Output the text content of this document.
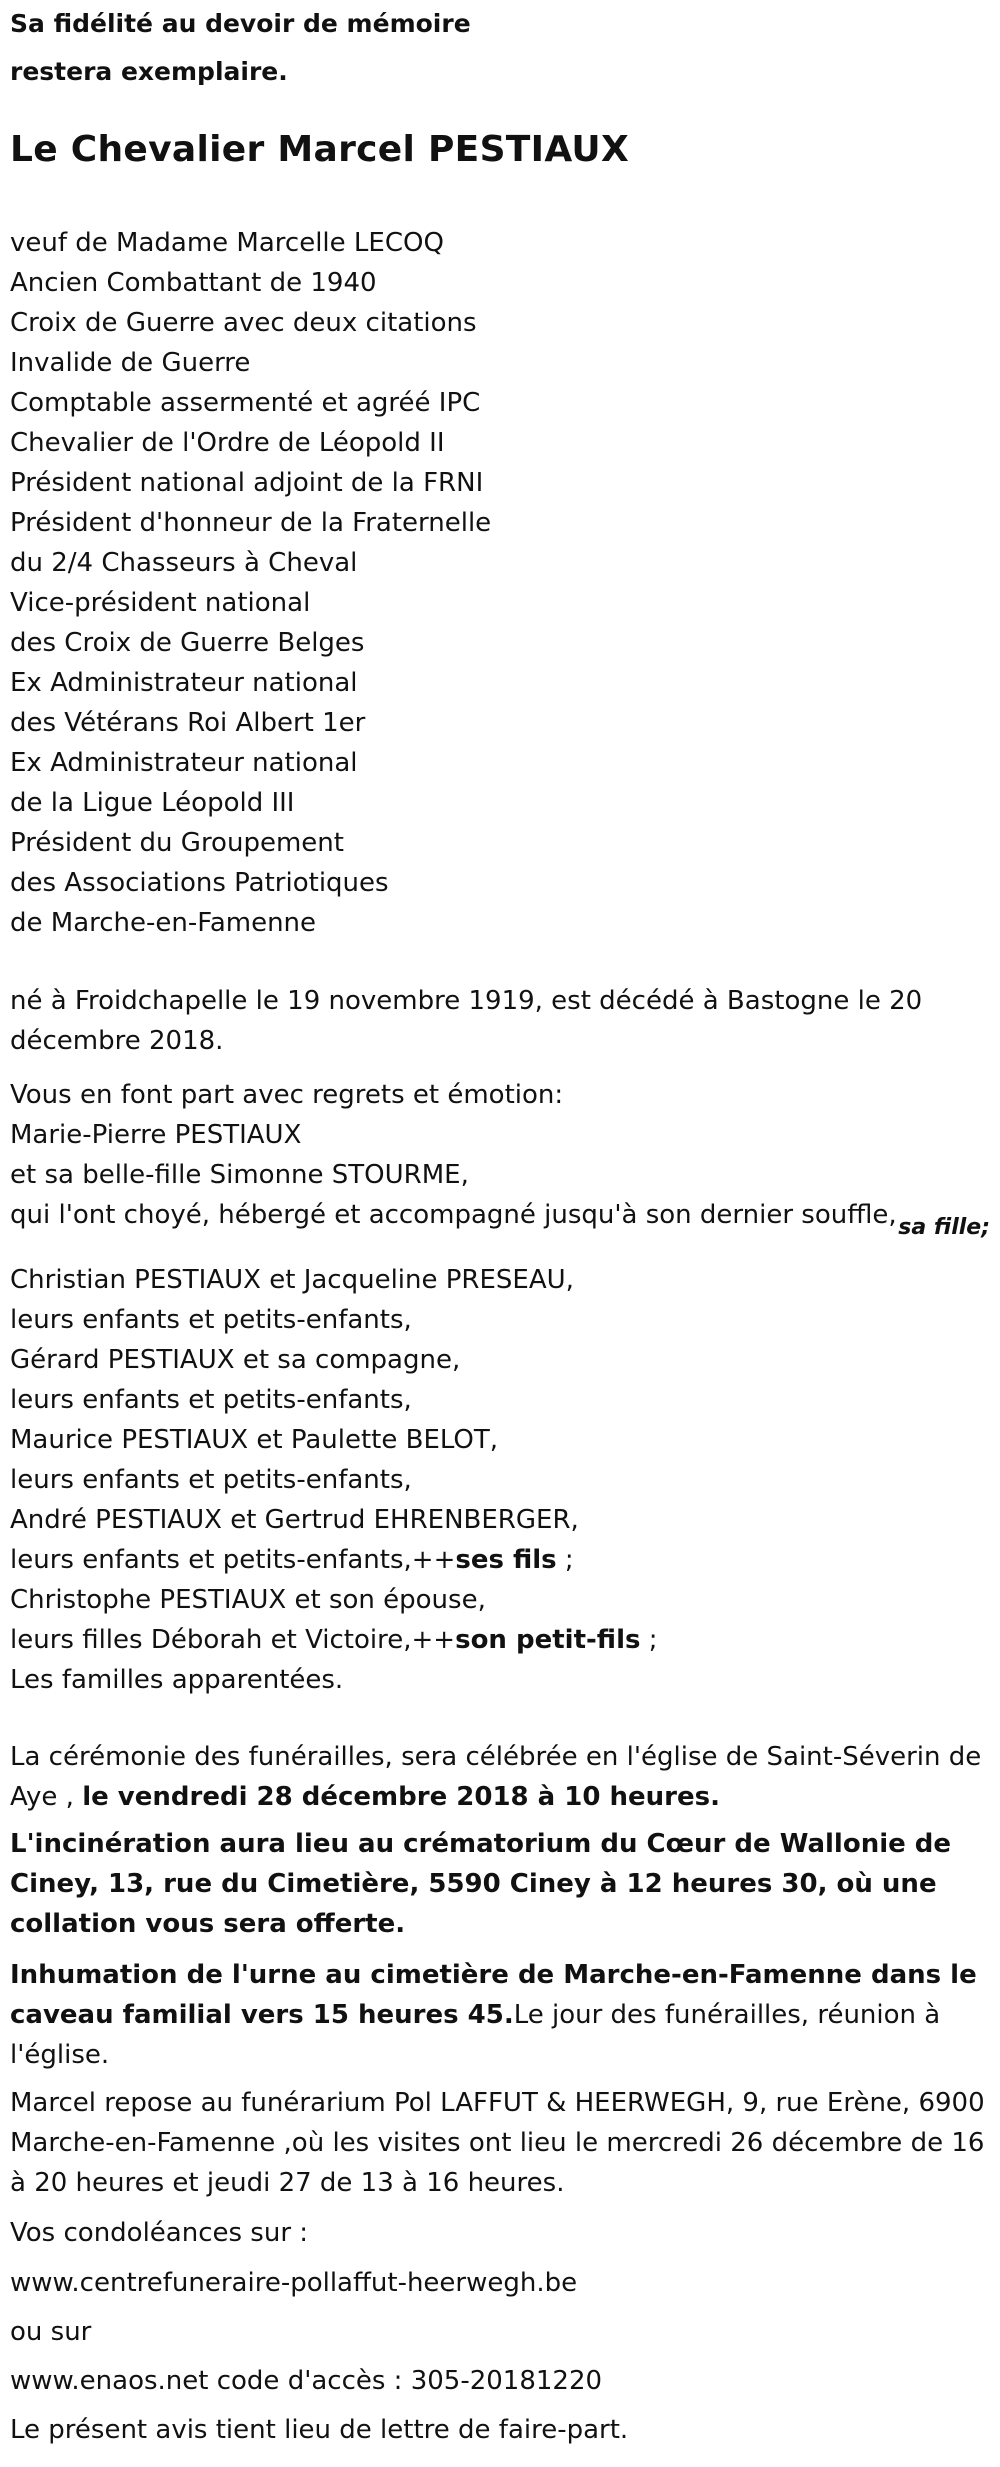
Sa fidélité au devoir de mémoire
restera exemplaire.
Le Chevalier Marcel PESTIAUX
veuf de Madame Marcelle LECOQ
Ancien Combattant de 1940
Croix de Guerre avec deux citations
Invalide de Guerre
Comptable assermenté et agréé IPC
Chevalier de l'Ordre de Léopold II
Président national adjoint de la FRNI
Président d'honneur de la Fraternelle
du 2/4 Chasseurs à Cheval
Vice-président national
des Croix de Guerre Belges
Ex Administrateur national
des Vétérans Roi Albert 1er
Ex Administrateur national
de la Ligue Léopold III
Président du Groupement
des Associations Patriotiques
de Marche-en-Famenne
né à Froidchapelle le 19 novembre 1919, est décédé à Bastogne le 20 décembre 2018.
Vous en font part avec regrets et émotion:
Marie-Pierre PESTIAUX
et sa belle-fille Simonne STOURME,
qui l'ont choyé, hébergé et accompagné jusqu'à son dernier souffle, sa fille;
Christian PESTIAUX et Jacqueline PRESEAU,
leurs enfants et petits-enfants,
Gérard PESTIAUX et sa compagne,
leurs enfants et petits-enfants,
Maurice PESTIAUX et Paulette BELOT,
leurs enfants et petits-enfants,
André PESTIAUX et Gertrud EHRENBERGER,
leurs enfants et petits-enfants,++ses fils ;
Christophe PESTIAUX et son épouse,
leurs filles Déborah et Victoire,++son petit-fils ;
Les familles apparentées.
La cérémonie des funérailles, sera célébrée en l'église de Saint-Séverin de Aye , le vendredi 28 décembre 2018 à 10 heures.
L'incinération aura lieu au crématorium du Cœur de Wallonie de Ciney, 13, rue du Cimetière, 5590 Ciney à 12 heures 30, où une collation vous sera offerte.
Inhumation de l'urne au cimetière de Marche-en-Famenne dans le caveau familial vers 15 heures 45.Le jour des funérailles, réunion à l'église.
Marcel repose au funérarium Pol LAFFUT & HEERWEGH, 9, rue Erène, 6900 Marche-en-Famenne ,où les visites ont lieu le mercredi 26 décembre de 16 à 20 heures et jeudi 27 de 13 à 16 heures.
Vos condoléances sur :
www.centrefuneraire-pollaffut-heerwegh.be
ou sur
www.enaos.net code d'accès : 305-20181220
Le présent avis tient lieu de lettre de faire-part.
